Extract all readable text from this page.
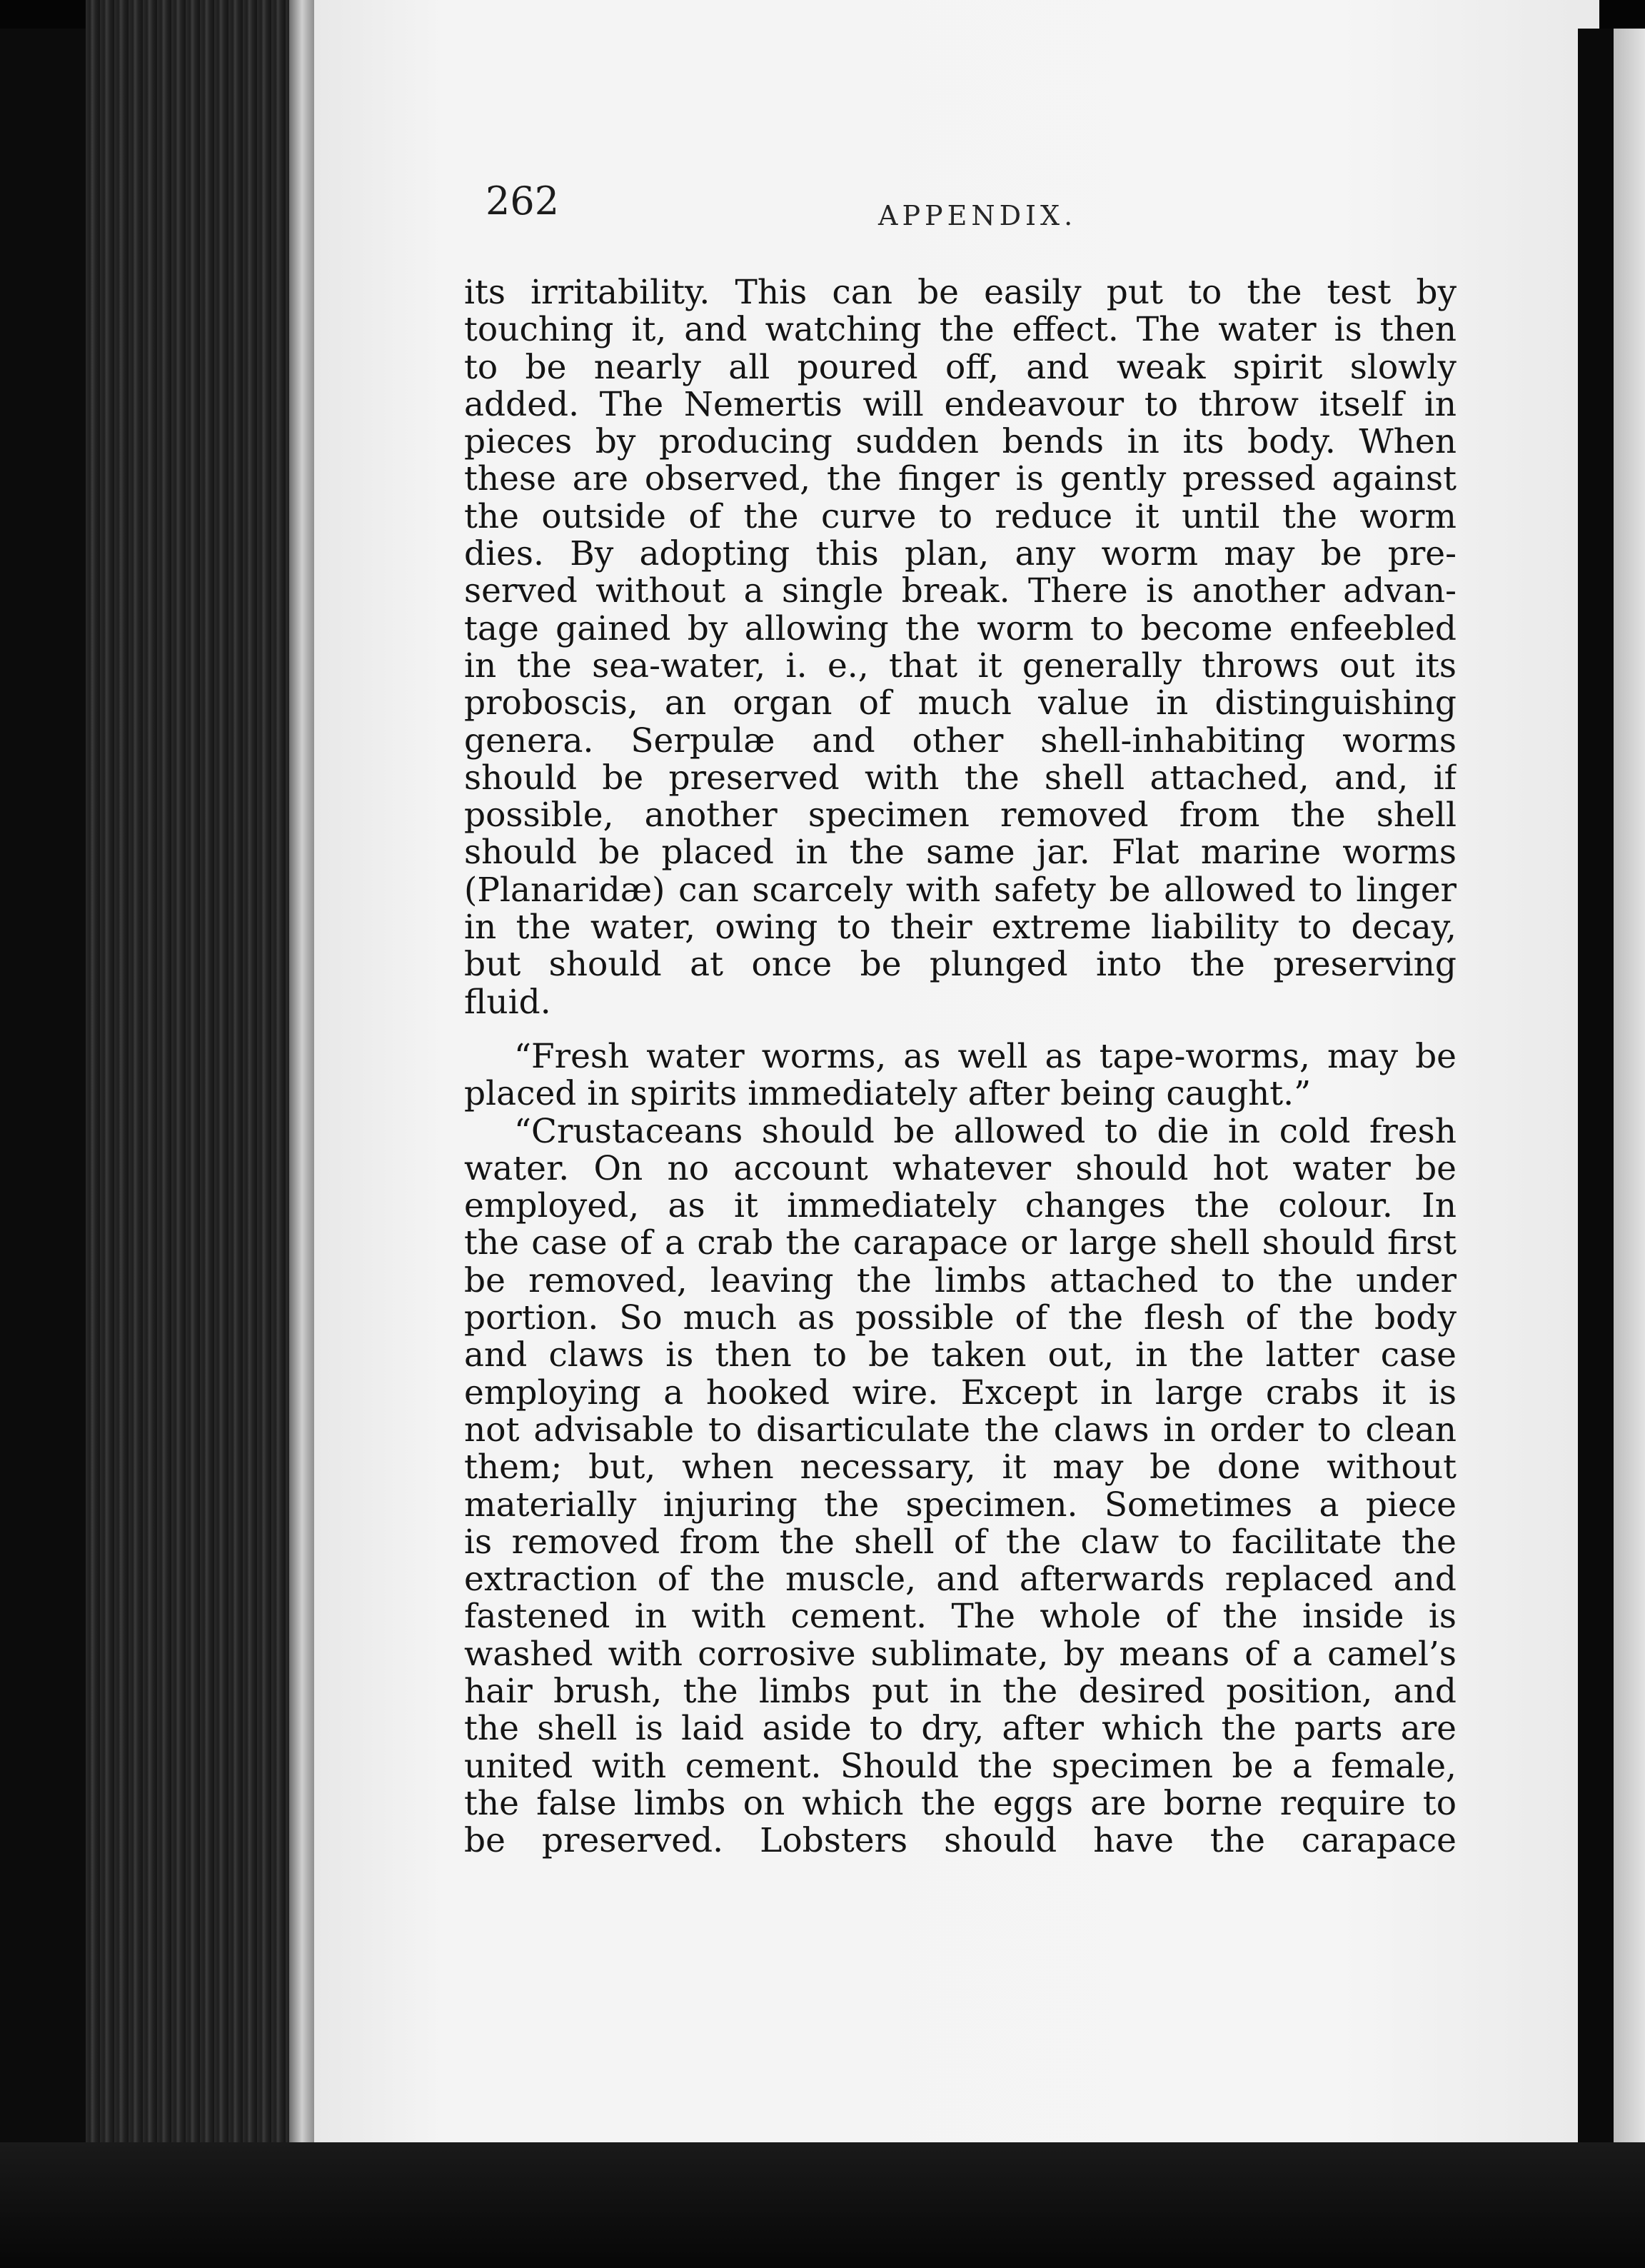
262	APPENDIX.
its irritability. This can be easily put to the test by
touching it, and watching the effect. The water is then
to be nearly all poured off, and weak spirit slowly
added. The Nemertis will endeavour to throw itself in
pieces by producing sudden bends in its body. When
these are observed, the finger is gently pressed against
the outside of the curve to reduce it until the worm
dies. By adopting this plan, any worm may be pre-
served without a single break. There is another advan-
tage gained by allowing the worm to become enfeebled
in the sea-water, i. e., that it generally throws out its
proboscis, an organ of much value in distinguishing
genera. Serpulæ and other shell-inhabiting worms
should be preserved with the shell attached, and, if
possible, another specimen removed from the shell
should be placed in the same jar. Flat marine worms
(Planaridæ) can scarcely with safety be allowed to linger
in the water, owing to their extreme liability to decay,
but should at once be plunged into the preserving
fluid.
“Fresh water worms, as well as tape-worms, may be
placed in spirits immediately after being caught.”
“Crustaceans should be allowed to die in cold fresh
water. On no account whatever should hot water be
employed, as it immediately changes the colour. In
the case of a crab the carapace or large shell should first
be removed, leaving the limbs attached to the under
portion. So much as possible of the flesh of the body
and claws is then to be taken out, in the latter case
employing a hooked wire. Except in large crabs it is
not advisable to disarticulate the claws in order to clean
them; but, when necessary, it may be done without
materially injuring the specimen. Sometimes a piece
is removed from the shell of the claw to facilitate the
extraction of the muscle, and afterwards replaced and
fastened in with cement. The whole of the inside is
washed with corrosive sublimate, by means of a camel’s
hair brush, the limbs put in the desired position, and
the shell is laid aside to dry, after which the parts are
united with cement. Should the specimen be a female,
the false limbs on which the eggs are borne require to
be preserved. Lobsters should have the carapace
